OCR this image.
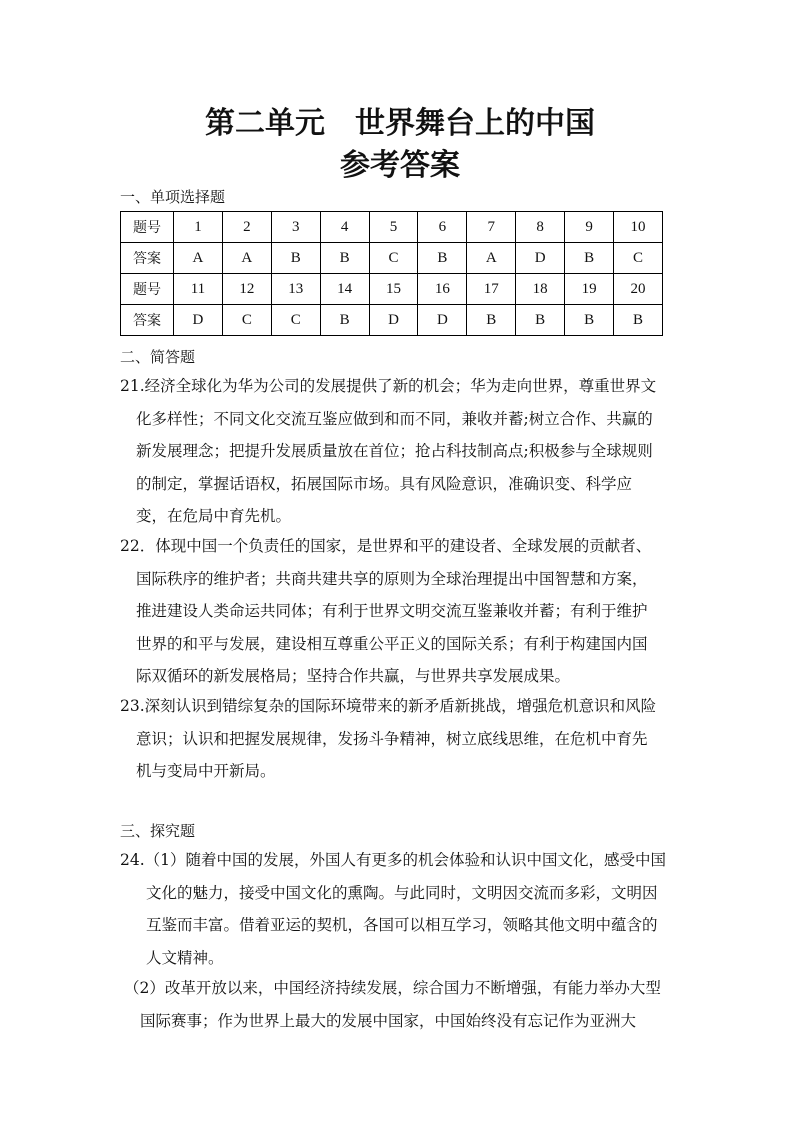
第二单元　世界舞台上的中国
参考答案
一、单项选择题
题号	1	2	3	4	5	6	7	8	9	10
答案	A	A	B	B	C	B	A	D	B	C
题号	11	12	13	14	15	16	17	18	19	20
答案	D	C	C	B	D	D	B	B	B	B
二、简答题
21.经济全球化为华为公司的发展提供了新的机会；华为走向世界，尊重世界文
化多样性；不同文化交流互鉴应做到和而不同，兼收并蓄;树立合作、共赢的
新发展理念；把提升发展质量放在首位；抢占科技制高点;积极参与全球规则
的制定，掌握话语权，拓展国际市场。具有风险意识，准确识变、科学应
变，在危局中育先机。
22．体现中国一个负责任的国家，是世界和平的建设者、全球发展的贡献者、
国际秩序的维护者；共商共建共享的原则为全球治理提出中国智慧和方案，
推进建设人类命运共同体；有利于世界文明交流互鉴兼收并蓄；有利于维护
世界的和平与发展，建设相互尊重公平正义的国际关系；有利于构建国内国
际双循环的新发展格局；坚持合作共赢，与世界共享发展成果。
23.深刻认识到错综复杂的国际环境带来的新矛盾新挑战，增强危机意识和风险
意识；认识和把握发展规律，发扬斗争精神，树立底线思维，在危机中育先
机与变局中开新局。
三、探究题
24.（1）随着中国的发展，外国人有更多的机会体验和认识中国文化，感受中国
文化的魅力，接受中国文化的熏陶。与此同时，文明因交流而多彩，文明因
互鉴而丰富。借着亚运的契机，各国可以相互学习，领略其他文明中蕴含的
人文精神。
（2）改革开放以来，中国经济持续发展，综合国力不断增强，有能力举办大型
国际赛事；作为世界上最大的发展中国家，中国始终没有忘记作为亚洲大
